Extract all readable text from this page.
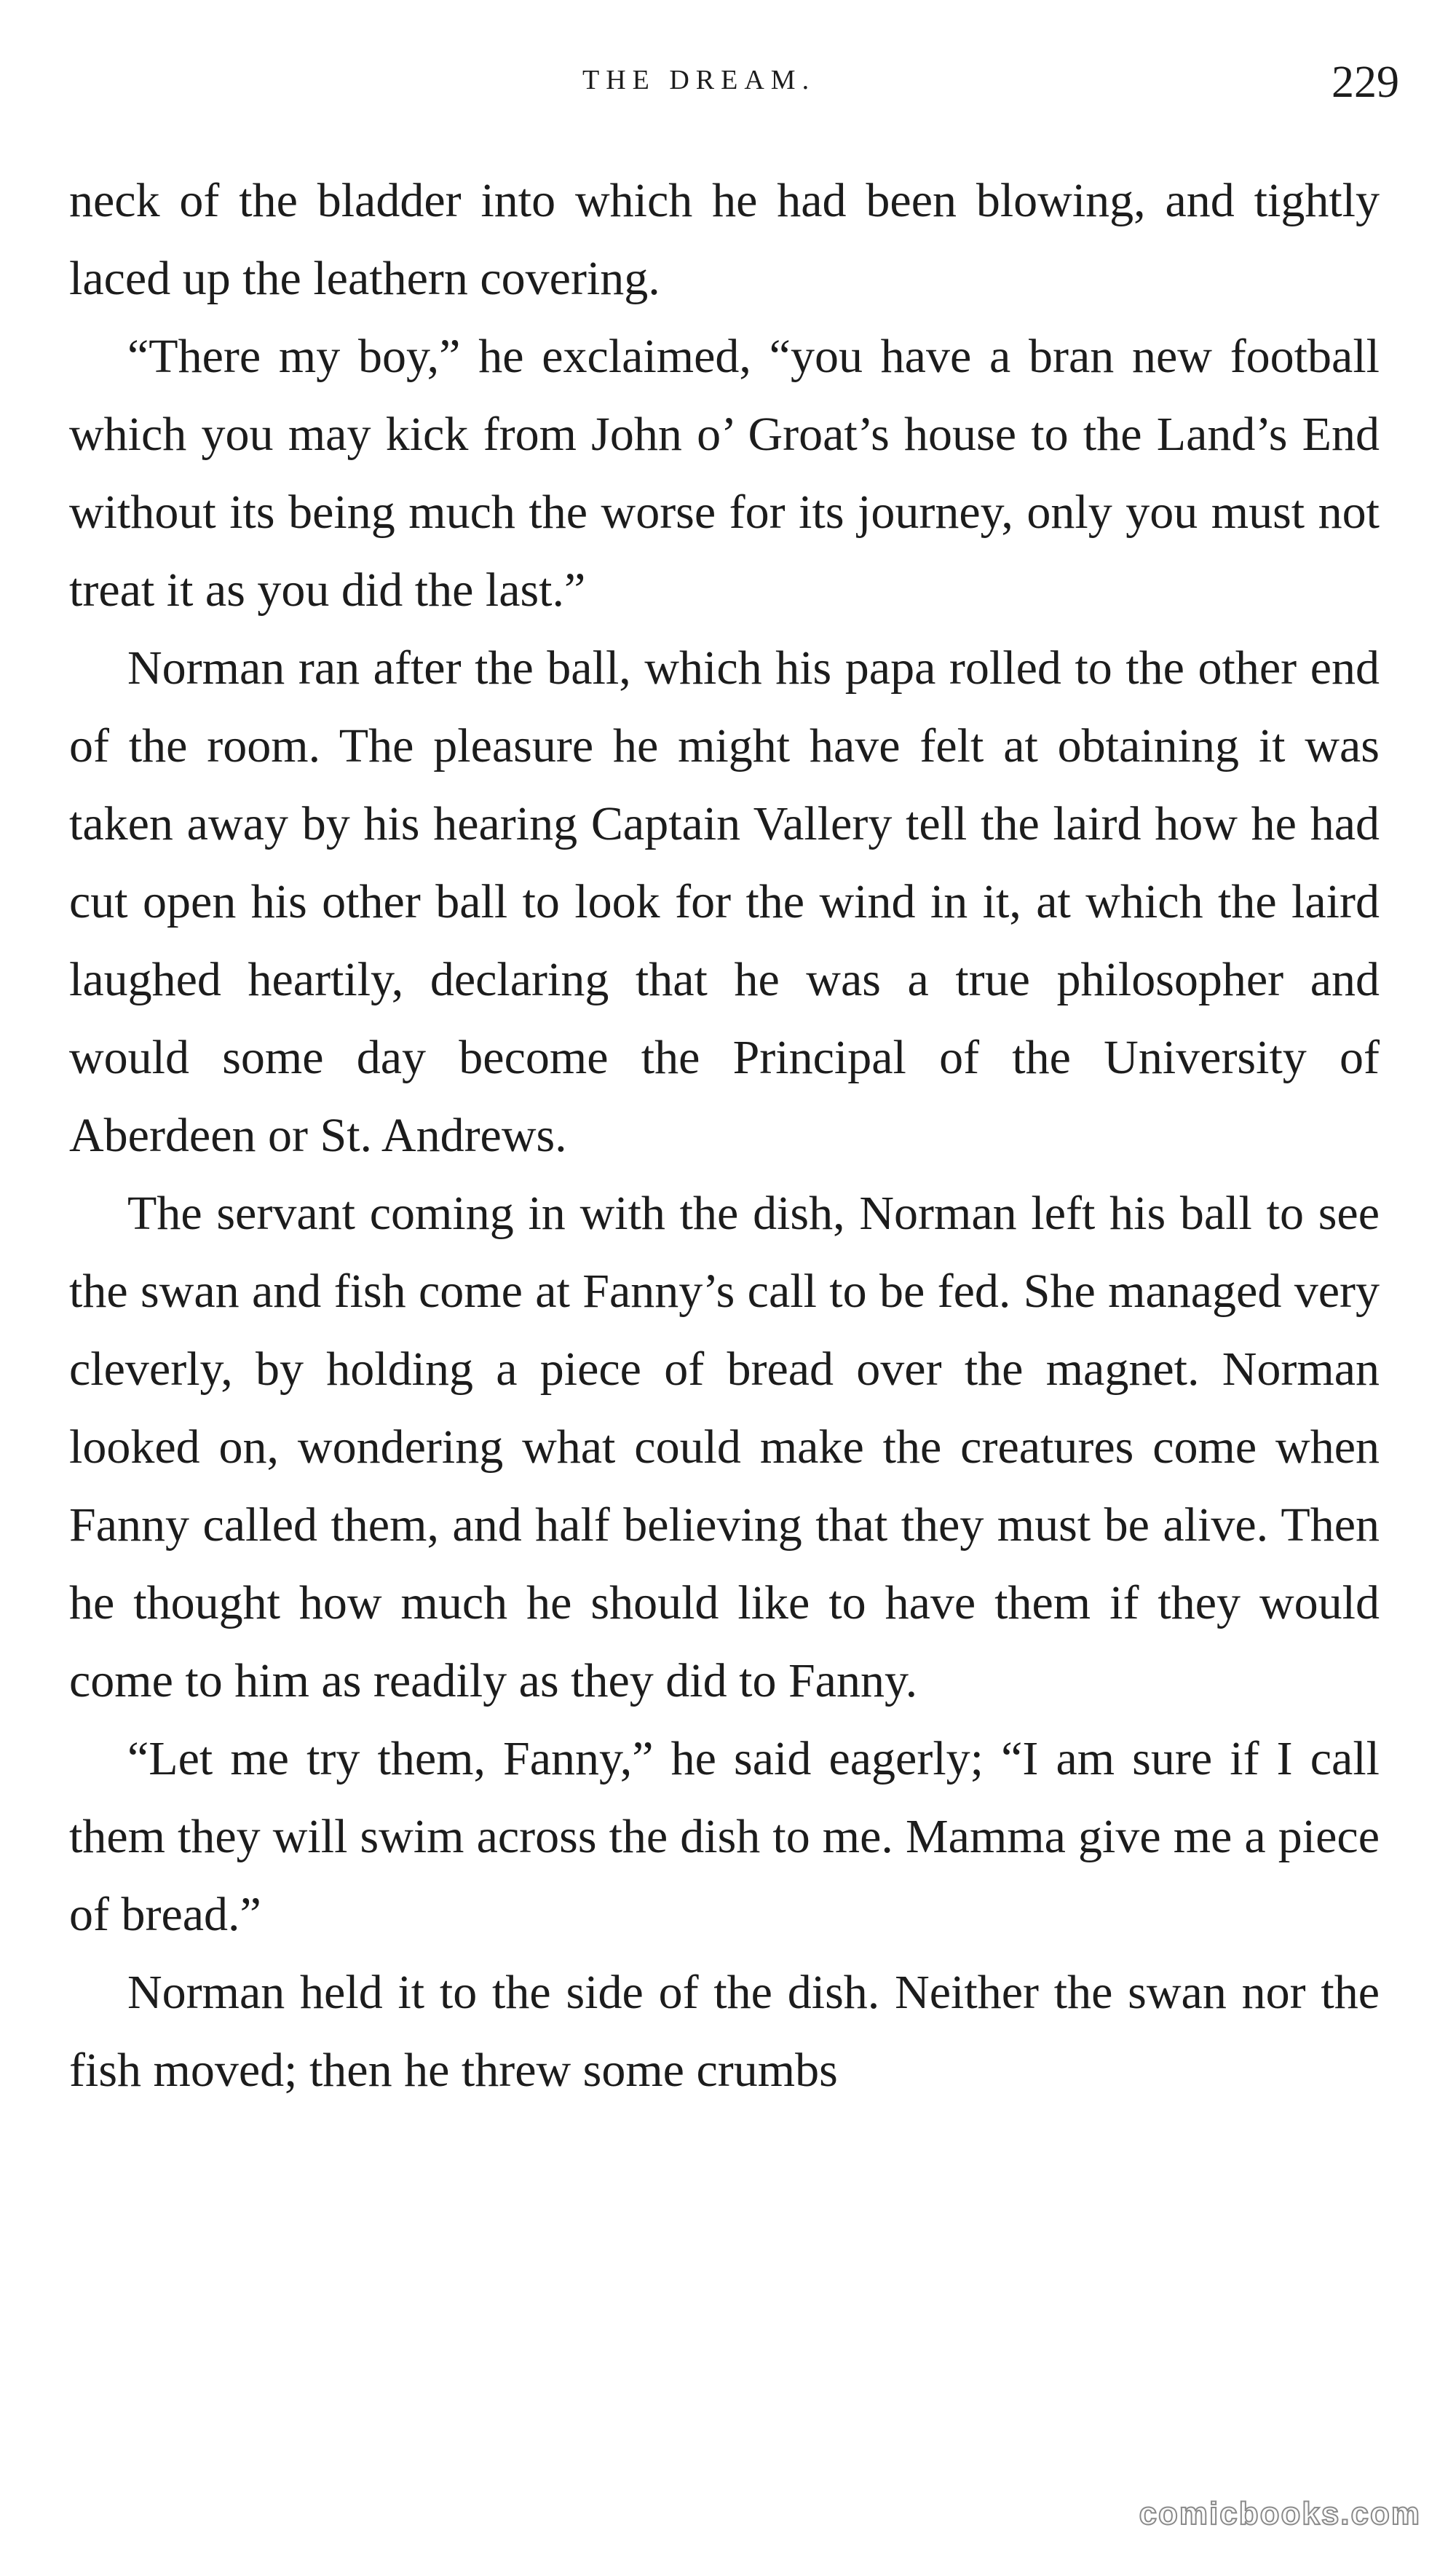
THE DREAM.	229

neck of the bladder into which he had been blowing, and tightly laced up the leathern covering.

“There my boy,” he exclaimed, “you have a bran new football which you may kick from John o’ Groat’s house to the Land’s End without its being much the worse for its journey, only you must not treat it as you did the last.”

Norman ran after the ball, which his papa rolled to the other end of the room. The pleasure he might have felt at obtaining it was taken away by his hearing Captain Vallery tell the laird how he had cut open his other ball to look for the wind in it, at which the laird laughed heartily, declaring that he was a true philosopher and would some day become the Principal of the University of Aberdeen or St. Andrews.

The servant coming in with the dish, Norman left his ball to see the swan and fish come at Fanny’s call to be fed. She managed very cleverly, by holding a piece of bread over the magnet. Norman looked on, wondering what could make the creatures come when Fanny called them, and half believing that they must be alive. Then he thought how much he should like to have them if they would come to him as readily as they did to Fanny.

“Let me try them, Fanny,” he said eagerly; “I am sure if I call them they will swim across the dish to me. Mamma give me a piece of bread.”

Norman held it to the side of the dish. Neither the swan nor the fish moved; then he threw some crumbs

comicbooks.com
